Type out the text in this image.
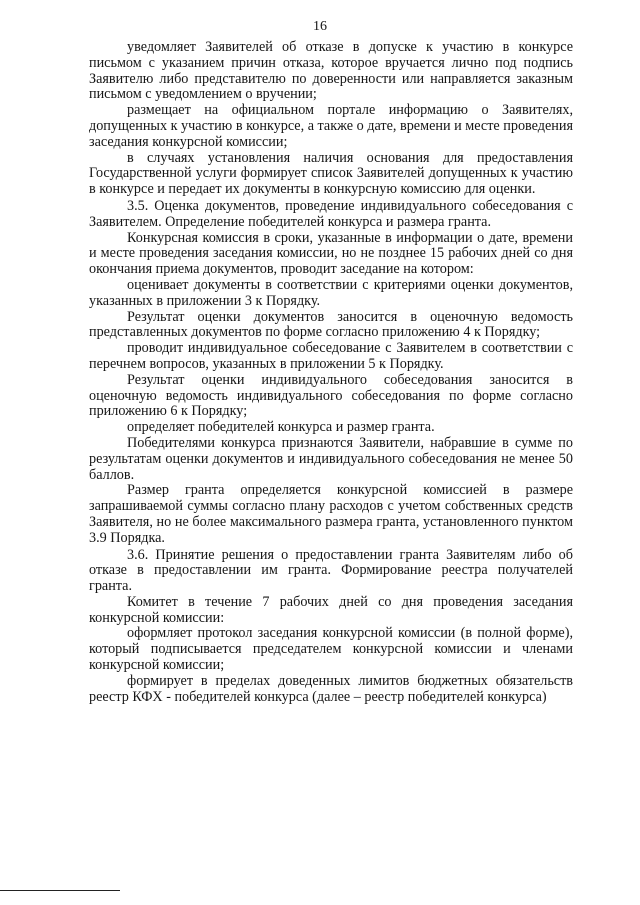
16

уведомляет Заявителей об отказе в допуске к участию в конкурсе письмом с указанием причин отказа, которое вручается лично под подпись Заявителю либо представителю по доверенности или направляется заказным письмом с уведомлением о вручении;

размещает на официальном портале информацию о Заявителях, допущенных к участию в конкурсе, а также о дате, времени и месте проведения заседания конкурсной комиссии;

в случаях установления наличия основания для предоставления Государственной услуги формирует список Заявителей допущенных к участию в конкурсе и передает их документы в конкурсную комиссию для оценки.

3.5. Оценка документов, проведение индивидуального собеседования с Заявителем. Определение победителей конкурса и размера гранта.

Конкурсная комиссия в сроки, указанные в информации о дате, времени и месте проведения заседания комиссии, но не позднее 15 рабочих дней со дня окончания приема документов, проводит заседание на котором:

оценивает документы в соответствии с критериями оценки документов, указанных в приложении 3 к Порядку.

Результат оценки документов заносится в оценочную ведомость представленных документов по форме согласно приложению 4 к Порядку;

проводит индивидуальное собеседование с Заявителем в соответствии с перечнем вопросов, указанных в приложении 5 к Порядку.

Результат оценки индивидуального собеседования заносится в оценочную ведомость индивидуального собеседования по форме согласно приложению 6 к Порядку;

определяет победителей конкурса и размер гранта.

Победителями конкурса признаются Заявители, набравшие в сумме по результатам оценки документов и индивидуального собеседования не менее 50 баллов.

Размер гранта определяется конкурсной комиссией в размере запрашиваемой суммы согласно плану расходов с учетом собственных средств Заявителя, но не более максимального размера гранта, установленного пунктом 3.9 Порядка.

3.6. Принятие решения о предоставлении гранта Заявителям либо об отказе в предоставлении им гранта. Формирование реестра получателей гранта.

Комитет в течение 7 рабочих дней со дня проведения заседания конкурсной комиссии:

оформляет протокол заседания конкурсной комиссии (в полной форме), который подписывается председателем конкурсной комиссии и членами конкурсной комиссии;

формирует в пределах доведенных лимитов бюджетных обязательств реестр КФХ - победителей конкурса (далее – реестр победителей конкурса)
